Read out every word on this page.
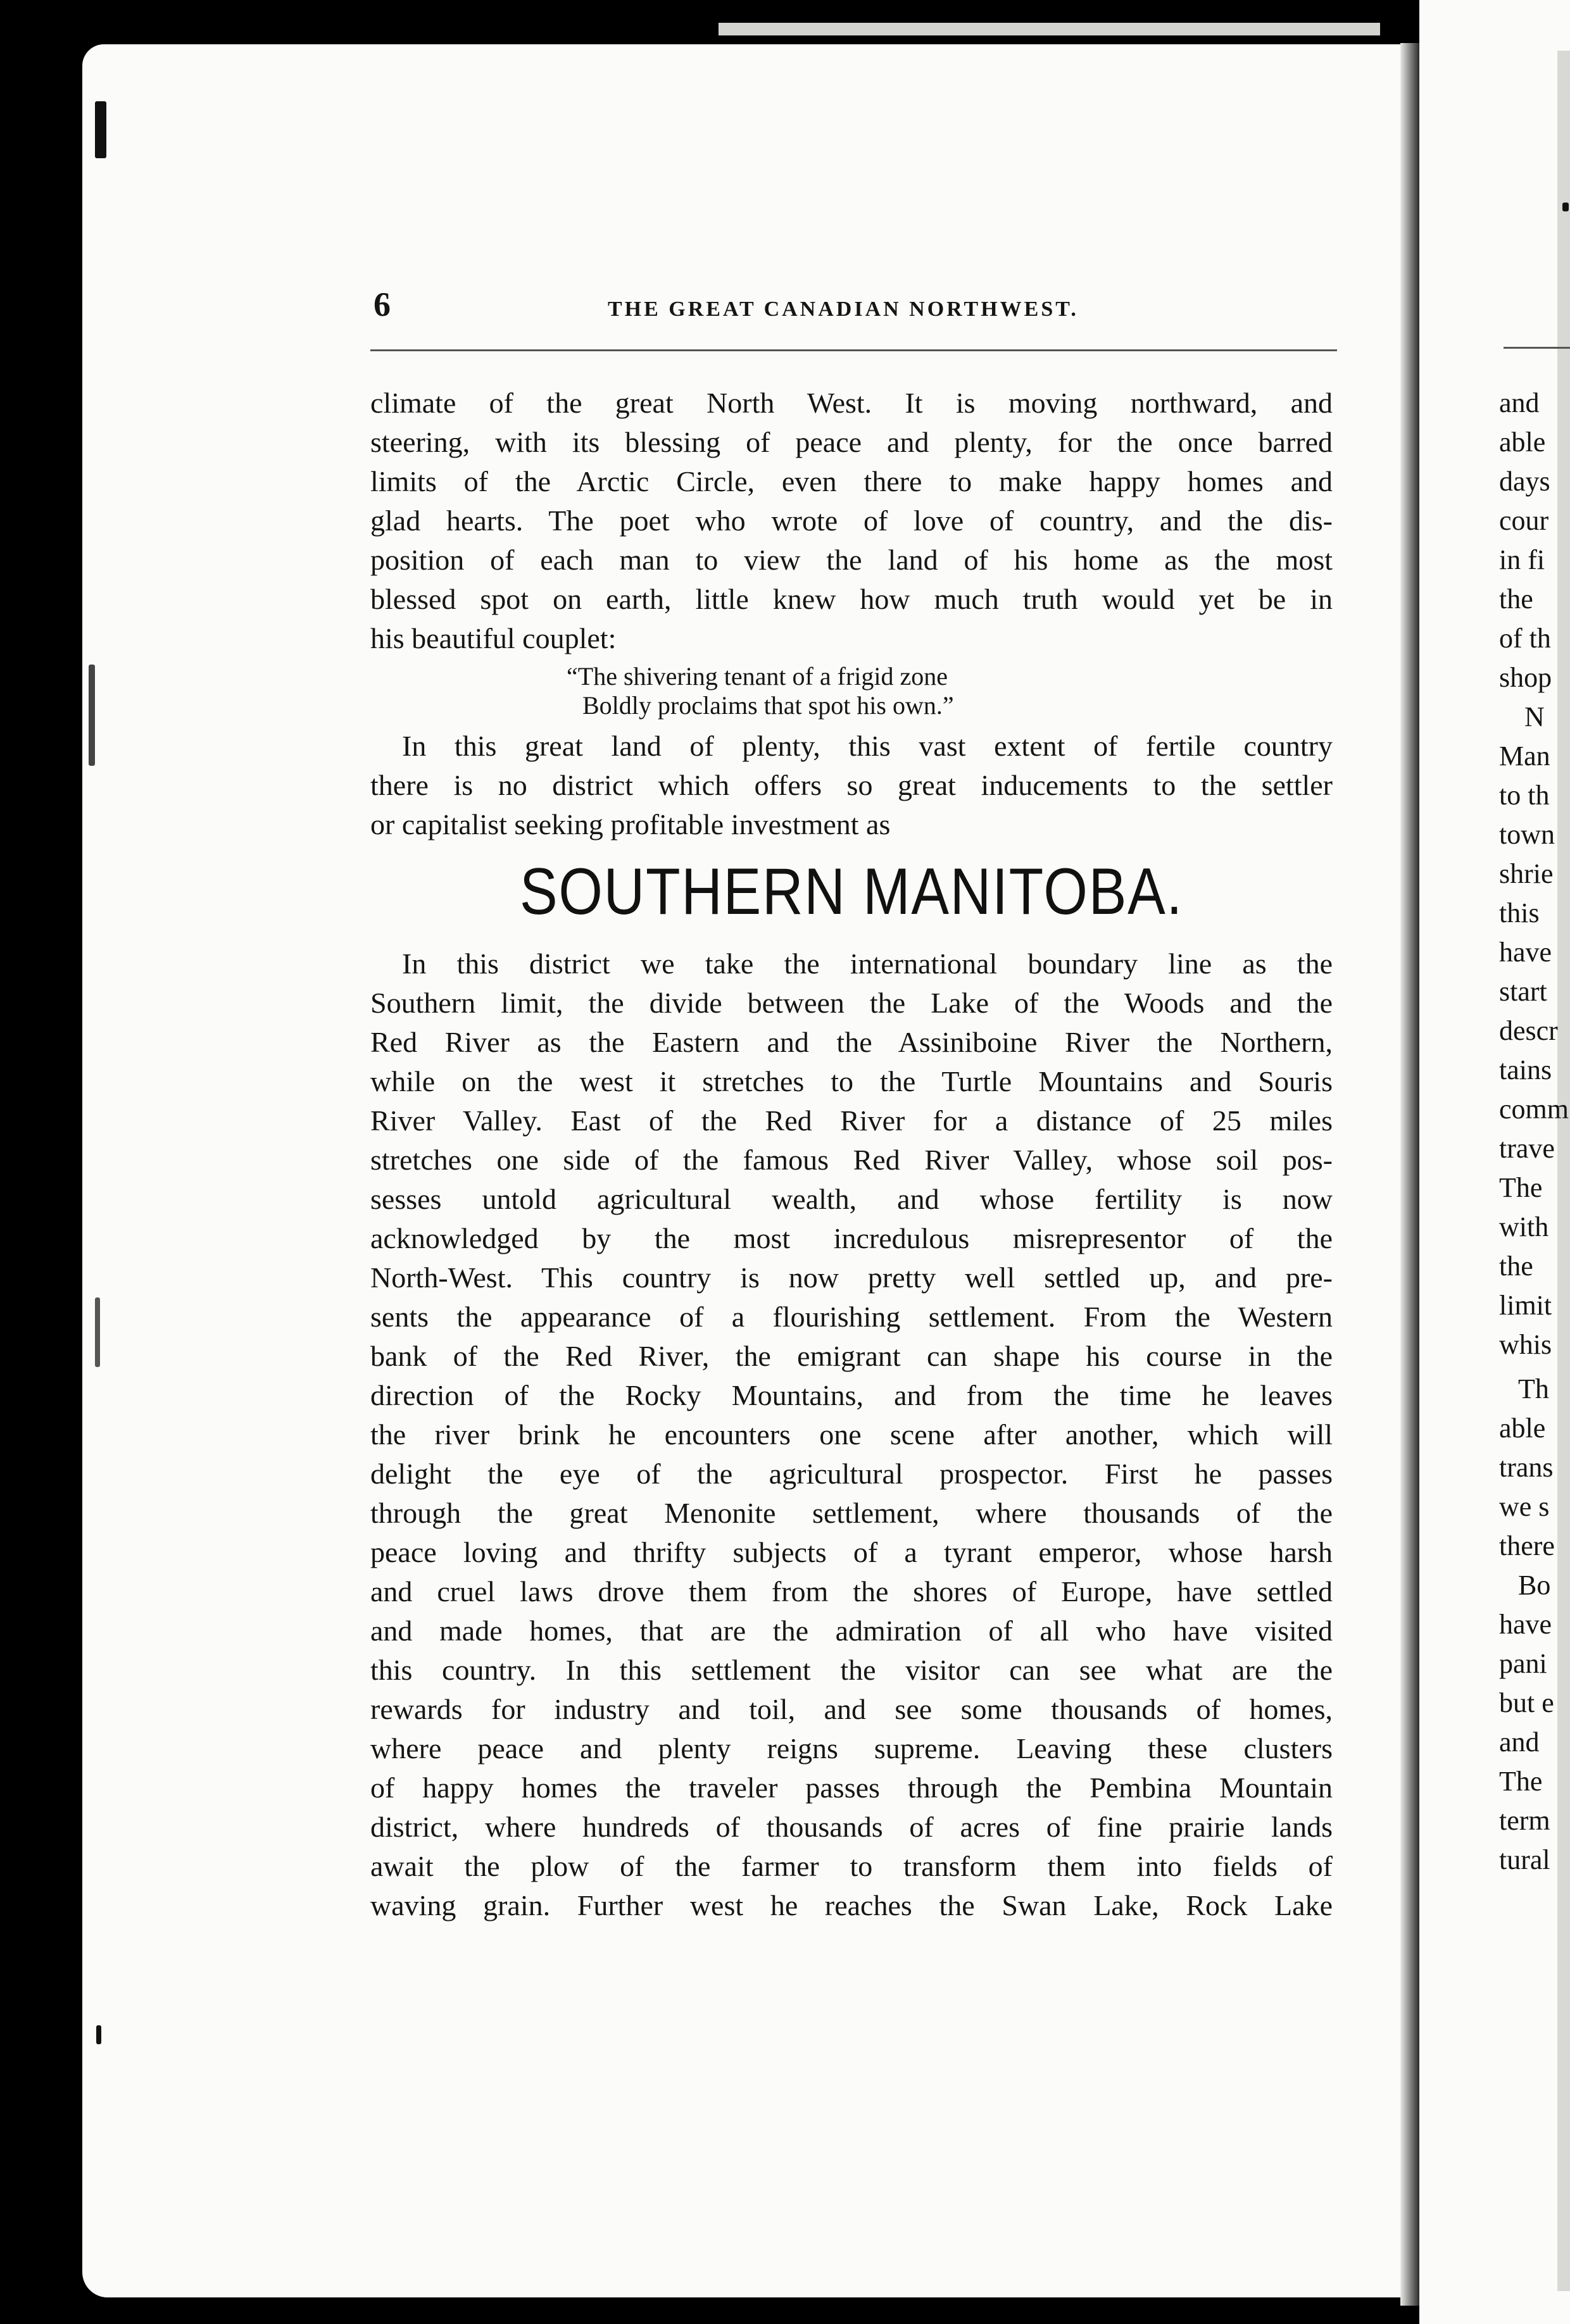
6	THE GREAT CANADIAN NORTHWEST.
climate of the great North West. It is moving northward, and
steering, with its blessing of peace and plenty, for the once barred
limits of the Arctic Circle, even there to make happy homes and
glad hearts. The poet who wrote of love of country, and the dis-
position of each man to view the land of his home as the most
blessed spot on earth, little knew how much truth would yet be in
his beautiful couplet:
“The shivering tenant of a frigid zone
Boldly proclaims that spot his own.”
In this great land of plenty, this vast extent of fertile country
there is no district which offers so great inducements to the settler
or capitalist seeking profitable investment as
SOUTHERN MANITOBA.
In this district we take the international boundary line as the
Southern limit, the divide between the Lake of the Woods and the
Red River as the Eastern and the Assiniboine River the Northern,
while on the west it stretches to the Turtle Mountains and Souris
River Valley. East of the Red River for a distance of 25 miles
stretches one side of the famous Red River Valley, whose soil pos-
sesses untold agricultural wealth, and whose fertility is now
acknowledged by the most incredulous misrepresentor of the
North-West. This country is now pretty well settled up, and pre-
sents the appearance of a flourishing settlement. From the Western
bank of the Red River, the emigrant can shape his course in the
direction of the Rocky Mountains, and from the time he leaves
the river brink he encounters one scene after another, which will
delight the eye of the agricultural prospector. First he passes
through the great Menonite settlement, where thousands of the
peace loving and thrifty subjects of a tyrant emperor, whose harsh
and cruel laws drove them from the shores of Europe, have settled
and made homes, that are the admiration of all who have visited
this country. In this settlement the visitor can see what are the
rewards for industry and toil, and see some thousands of homes,
where peace and plenty reigns supreme. Leaving these clusters
of happy homes the traveler passes through the Pembina Mountain
district, where hundreds of thousands of acres of fine prairie lands
await the plow of the farmer to transform them into fields of
waving grain. Further west he reaches the Swan Lake, Rock Lake
and
able
days
cour
in fi
the
of th
shop
N
Man
to th
town
shrie
this
have
start
descr
tains
comm
trave
The
with
the
limit
whis
Th
able
trans
we s
there
Bo
have
pani
but e
and
The
term
tural
